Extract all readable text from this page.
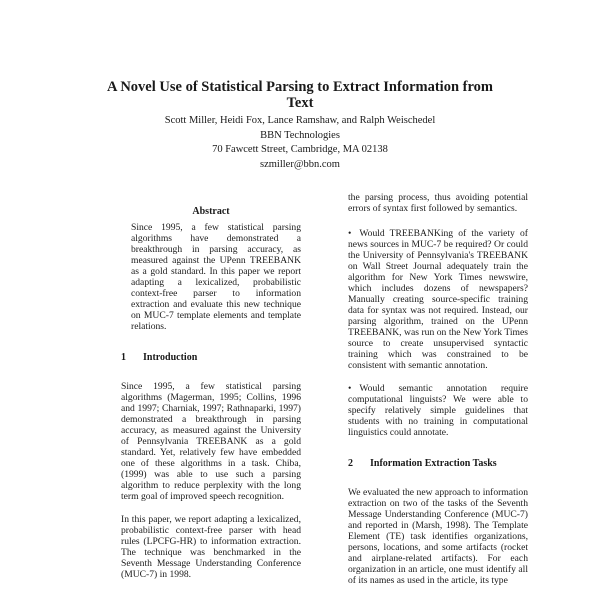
A Novel Use of Statistical Parsing to Extract Information from Text
Scott Miller, Heidi Fox, Lance Ramshaw, and Ralph Weischedel
BBN Technologies
70 Fawcett Street, Cambridge, MA 02138
szmiller@bbn.com
Abstract
Since 1995, a few statistical parsing algorithms have demonstrated a breakthrough in parsing accuracy, as measured against the UPenn TREEBANK as a gold standard. In this paper we report adapting a lexicalized, probabilistic context-free parser to information extraction and evaluate this new technique on MUC-7 template elements and template relations.
1 Introduction

Since 1995, a few statistical parsing algorithms (Magerman, 1995; Collins, 1996 and 1997; Charniak, 1997; Rathnaparki, 1997) demonstrated a breakthrough in parsing accuracy, as measured against the University of Pennsylvania TREEBANK as a gold standard. Yet, relatively few have embedded one of these algorithms in a task. Chiba, (1999) was able to use such a parsing algorithm to reduce perplexity with the long term goal of improved speech recognition.

In this paper, we report adapting a lexicalized, probabilistic context-free parser with head rules (LPCFG-HR) to information extraction. The technique was benchmarked in the Seventh Message Understanding Conference (MUC-7) in 1998.

the parsing process, thus avoiding potential errors of syntax first followed by semantics.

• Would TREEBANKing of the variety of news sources in MUC-7 be required? Or could the University of Pennsylvania's TREEBANK on Wall Street Journal adequately train the algorithm for New York Times newswire, which includes dozens of newspapers? Manually creating source-specific training data for syntax was not required. Instead, our parsing algorithm, trained on the UPenn TREEBANK, was run on the New York Times source to create unsupervised syntactic training which was constrained to be consistent with semantic annotation.
• Would semantic annotation require computational linguists? We were able to specify relatively simple guidelines that students with no training in computational linguistics could annotate.
2 Information Extraction Tasks

We evaluated the new approach to information extraction on two of the tasks of the Seventh Message Understanding Conference (MUC-7) and reported in (Marsh, 1998). The Template Element (TE) task identifies organizations, persons, locations, and some artifacts (rocket and airplane-related artifacts). For each organization in an article, one must identify all of its names as used in the article, its type
